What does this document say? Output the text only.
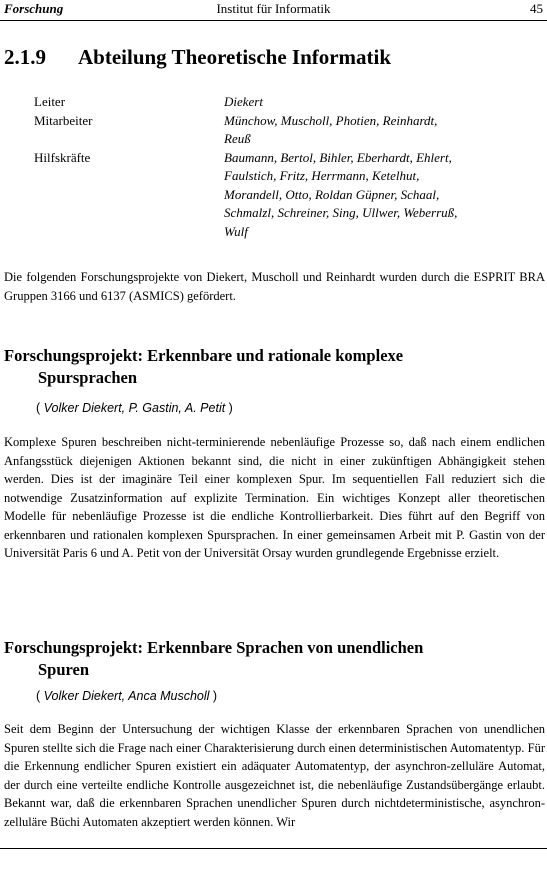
Forschung	Institut für Informatik	45
2.1.9 Abteilung Theoretische Informatik
Leiter	Diekert
Mitarbeiter	Münchow, Muscholl, Photien, Reinhardt,
Reuß
Hilfskräfte	Baumann, Bertol, Bihler, Eberhardt, Ehlert,
Faulstich, Fritz, Herrmann, Ketelhut,
Morandell, Otto, Roldan Güpner, Schaal,
Schmalzl, Schreiner, Sing, Ullwer, Weberruß,
Wulf
Die folgenden Forschungsprojekte von Diekert, Muscholl und Reinhardt wurden durch die ESPRIT BRA Gruppen 3166 und 6137 (ASMICS) gefördert.
Forschungsprojekt: Erkennbare und rationale komplexe
Spursprachen
( Volker Diekert, P. Gastin, A. Petit )
Komplexe Spuren beschreiben nicht-terminierende nebenläufige Prozesse so, daß nach einem endlichen Anfangsstück diejenigen Aktionen bekannt sind, die nicht in einer zukünftigen Abhängigkeit stehen werden. Dies ist der imaginäre Teil einer komplexen Spur. Im sequentiellen Fall reduziert sich die notwendige Zusatzinformation auf explizite Termination. Ein wichtiges Konzept aller theoretischen Modelle für nebenläufige Prozesse ist die endliche Kontrollierbarkeit. Dies führt auf den Begriff von erkennbaren und rationalen komplexen Spursprachen. In einer gemeinsamen Arbeit mit P. Gastin von der Universität Paris 6 und A. Petit von der Universität Orsay wurden grundlegende Ergebnisse erzielt.
Forschungsprojekt: Erkennbare Sprachen von unendlichen
Spuren
( Volker Diekert, Anca Muscholl )
Seit dem Beginn der Untersuchung der wichtigen Klasse der erkennbaren Sprachen von unendlichen Spuren stellte sich die Frage nach einer Charakterisierung durch einen deterministischen Automatentyp. Für die Erkennung endlicher Spuren existiert ein adäquater Automatentyp, der asynchron-zelluläre Automat, der durch eine verteilte endliche Kontrolle ausgezeichnet ist, die nebenläufige Zustandsübergänge erlaubt. Bekannt war, daß die erkennbaren Sprachen unendlicher Spuren durch nichtdeterministische, asynchron-zelluläre Büchi Automaten akzeptiert werden können. Wir
